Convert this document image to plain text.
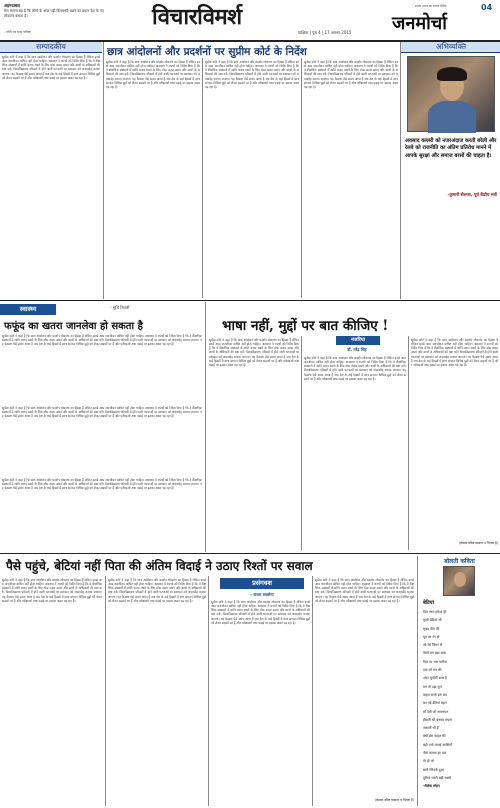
अहमदाबाद
मेरा मानना यह है कि लोगों के अंदर पड़ी दिलचस्पी रखने का प्रयत्न देश के नए लोकतंत्र बनाता है।
- गाँधी पत्र यादा पत्रिका
विचारविमर्श
पाक्षिक | पृष्ठ 4 | 17 अगस्त 2015
स्वतंत्र भारत का स्वतंत्र दैनिक
जनमोर्चा
04
सम्पादकीय
सुप्रीम कोर्ट ने कहा है कि छात्र आंदोलन और प्रदर्शन लोकतंत्र का हिस्सा हैं लेकिन इनसे आम जनजीवन बाधित नहीं होना चाहिए। अदालत ने राज्यों को निर्देश दिया है कि वे शैक्षणिक संस्थानों में शांति बनाए रखने के लिए ठोस कदम उठाएं और छात्रों के अधिकारों की रक्षा करें। विश्वविद्यालय परिसरों में होने वाली घटनाओं पर प्रशासन को जवाबदेह बनाया जाएगा। यह फैसला ऐसे समय आया है जब देश के कई हिस्सों में छात्र संगठन विभिन्न मुद्दों को लेकर सड़कों पर हैं और परीक्षाओं तथा पढ़ाई पर इसका असर पड़ रहा है।
छात्र आंदोलनों और प्रदर्शनों पर सुप्रीम कोर्ट के निर्देश
सुप्रीम कोर्ट ने कहा है कि छात्र आंदोलन और प्रदर्शन लोकतंत्र का हिस्सा हैं लेकिन इनसे आम जनजीवन बाधित नहीं होना चाहिए। अदालत ने राज्यों को निर्देश दिया है कि वे शैक्षणिक संस्थानों में शांति बनाए रखने के लिए ठोस कदम उठाएं और छात्रों के अधिकारों की रक्षा करें। विश्वविद्यालय परिसरों में होने वाली घटनाओं पर प्रशासन को जवाबदेह बनाया जाएगा। यह फैसला ऐसे समय आया है जब देश के कई हिस्सों में छात्र संगठन विभिन्न मुद्दों को लेकर सड़कों पर हैं और परीक्षाओं तथा पढ़ाई पर इसका असर पड़ रहा है।
सुप्रीम कोर्ट ने कहा है कि छात्र आंदोलन और प्रदर्शन लोकतंत्र का हिस्सा हैं लेकिन इनसे आम जनजीवन बाधित नहीं होना चाहिए। अदालत ने राज्यों को निर्देश दिया है कि वे शैक्षणिक संस्थानों में शांति बनाए रखने के लिए ठोस कदम उठाएं और छात्रों के अधिकारों की रक्षा करें। विश्वविद्यालय परिसरों में होने वाली घटनाओं पर प्रशासन को जवाबदेह बनाया जाएगा। यह फैसला ऐसे समय आया है जब देश के कई हिस्सों में छात्र संगठन विभिन्न मुद्दों को लेकर सड़कों पर हैं और परीक्षाओं तथा पढ़ाई पर इसका असर पड़ रहा है।
सुप्रीम कोर्ट ने कहा है कि छात्र आंदोलन और प्रदर्शन लोकतंत्र का हिस्सा हैं लेकिन इनसे आम जनजीवन बाधित नहीं होना चाहिए। अदालत ने राज्यों को निर्देश दिया है कि वे शैक्षणिक संस्थानों में शांति बनाए रखने के लिए ठोस कदम उठाएं और छात्रों के अधिकारों की रक्षा करें। विश्वविद्यालय परिसरों में होने वाली घटनाओं पर प्रशासन को जवाबदेह बनाया जाएगा। यह फैसला ऐसे समय आया है जब देश के कई हिस्सों में छात्र संगठन विभिन्न मुद्दों को लेकर सड़कों पर हैं और परीक्षाओं तथा पढ़ाई पर इसका असर पड़ रहा है।
अभिव्यक्ति
अवसाद वल्लरी को नजरअंदाज करती बरेली और रेलवे को राजनीति का अंतिम प्रतिरोध मानने में आपके सुरक्षा और समाज बरसों की चाहता है।
-कुमारी सैलजा, पूर्व केंद्रीय मंत्री
स्वास्थ्य	- सुधि तिवारी
फफूंद का खतरा जानलेवा हो सकता है
सुप्रीम कोर्ट ने कहा है कि छात्र आंदोलन और प्रदर्शन लोकतंत्र का हिस्सा हैं लेकिन इनसे आम जनजीवन बाधित नहीं होना चाहिए। अदालत ने राज्यों को निर्देश दिया है कि वे शैक्षणिक संस्थानों में शांति बनाए रखने के लिए ठोस कदम उठाएं और छात्रों के अधिकारों की रक्षा करें। विश्वविद्यालय परिसरों में होने वाली घटनाओं पर प्रशासन को जवाबदेह बनाया जाएगा। यह फैसला ऐसे समय आया है जब देश के कई हिस्सों में छात्र संगठन विभिन्न मुद्दों को लेकर सड़कों पर हैं और परीक्षाओं तथा पढ़ाई पर इसका असर पड़ रहा है।
सुप्रीम कोर्ट ने कहा है कि छात्र आंदोलन और प्रदर्शन लोकतंत्र का हिस्सा हैं लेकिन इनसे आम जनजीवन बाधित नहीं होना चाहिए। अदालत ने राज्यों को निर्देश दिया है कि वे शैक्षणिक संस्थानों में शांति बनाए रखने के लिए ठोस कदम उठाएं और छात्रों के अधिकारों की रक्षा करें। विश्वविद्यालय परिसरों में होने वाली घटनाओं पर प्रशासन को जवाबदेह बनाया जाएगा। यह फैसला ऐसे समय आया है जब देश के कई हिस्सों में छात्र संगठन विभिन्न मुद्दों को लेकर सड़कों पर हैं और परीक्षाओं तथा पढ़ाई पर इसका असर पड़ रहा है।
सुप्रीम कोर्ट ने कहा है कि छात्र आंदोलन और प्रदर्शन लोकतंत्र का हिस्सा हैं लेकिन इनसे आम जनजीवन बाधित नहीं होना चाहिए। अदालत ने राज्यों को निर्देश दिया है कि वे शैक्षणिक संस्थानों में शांति बनाए रखने के लिए ठोस कदम उठाएं और छात्रों के अधिकारों की रक्षा करें। विश्वविद्यालय परिसरों में होने वाली घटनाओं पर प्रशासन को जवाबदेह बनाया जाएगा। यह फैसला ऐसे समय आया है जब देश के कई हिस्सों में छात्र संगठन विभिन्न मुद्दों को लेकर सड़कों पर हैं और परीक्षाओं तथा पढ़ाई पर इसका असर पड़ रहा है।
भाषा नहीं, मुद्दों पर बात कीजिए !
सुप्रीम कोर्ट ने कहा है कि छात्र आंदोलन और प्रदर्शन लोकतंत्र का हिस्सा हैं लेकिन इनसे आम जनजीवन बाधित नहीं होना चाहिए। अदालत ने राज्यों को निर्देश दिया है कि वे शैक्षणिक संस्थानों में शांति बनाए रखने के लिए ठोस कदम उठाएं और छात्रों के अधिकारों की रक्षा करें। विश्वविद्यालय परिसरों में होने वाली घटनाओं पर प्रशासन को जवाबदेह बनाया जाएगा। यह फैसला ऐसे समय आया है जब देश के कई हिस्सों में छात्र संगठन विभिन्न मुद्दों को लेकर सड़कों पर हैं और परीक्षाओं तथा पढ़ाई पर इसका असर पड़ रहा है।
नजरिया
डॉ. नरेंद्र सिंह
सुप्रीम कोर्ट ने कहा है कि छात्र आंदोलन और प्रदर्शन लोकतंत्र का हिस्सा हैं लेकिन इनसे आम जनजीवन बाधित नहीं होना चाहिए। अदालत ने राज्यों को निर्देश दिया है कि वे शैक्षणिक संस्थानों में शांति बनाए रखने के लिए ठोस कदम उठाएं और छात्रों के अधिकारों की रक्षा करें। विश्वविद्यालय परिसरों में होने वाली घटनाओं पर प्रशासन को जवाबदेह बनाया जाएगा। यह फैसला ऐसे समय आया है जब देश के कई हिस्सों में छात्र संगठन विभिन्न मुद्दों को लेकर सड़कों पर हैं और परीक्षाओं तथा पढ़ाई पर इसका असर पड़ रहा है।
सुप्रीम कोर्ट ने कहा है कि छात्र आंदोलन और प्रदर्शन लोकतंत्र का हिस्सा हैं लेकिन इनसे आम जनजीवन बाधित नहीं होना चाहिए। अदालत ने राज्यों को निर्देश दिया है कि वे शैक्षणिक संस्थानों में शांति बनाए रखने के लिए ठोस कदम उठाएं और छात्रों के अधिकारों की रक्षा करें। विश्वविद्यालय परिसरों में होने वाली घटनाओं पर प्रशासन को जवाबदेह बनाया जाएगा। यह फैसला ऐसे समय आया है जब देश के कई हिस्सों में छात्र संगठन विभिन्न मुद्दों को लेकर सड़कों पर हैं और परीक्षाओं तथा पढ़ाई पर इसका असर पड़ रहा है।
(लेखक वरिष्ठ पत्रकार व चिंतक हैं)
पैसे पहुंचे, बेटियां नहीं पिता की अंतिम विदाई ने उठाए रिश्तों पर सवाल
सुप्रीम कोर्ट ने कहा है कि छात्र आंदोलन और प्रदर्शन लोकतंत्र का हिस्सा हैं लेकिन इनसे आम जनजीवन बाधित नहीं होना चाहिए। अदालत ने राज्यों को निर्देश दिया है कि वे शैक्षणिक संस्थानों में शांति बनाए रखने के लिए ठोस कदम उठाएं और छात्रों के अधिकारों की रक्षा करें। विश्वविद्यालय परिसरों में होने वाली घटनाओं पर प्रशासन को जवाबदेह बनाया जाएगा। यह फैसला ऐसे समय आया है जब देश के कई हिस्सों में छात्र संगठन विभिन्न मुद्दों को लेकर सड़कों पर हैं और परीक्षाओं तथा पढ़ाई पर इसका असर पड़ रहा है।
सुप्रीम कोर्ट ने कहा है कि छात्र आंदोलन और प्रदर्शन लोकतंत्र का हिस्सा हैं लेकिन इनसे आम जनजीवन बाधित नहीं होना चाहिए। अदालत ने राज्यों को निर्देश दिया है कि वे शैक्षणिक संस्थानों में शांति बनाए रखने के लिए ठोस कदम उठाएं और छात्रों के अधिकारों की रक्षा करें। विश्वविद्यालय परिसरों में होने वाली घटनाओं पर प्रशासन को जवाबदेह बनाया जाएगा। यह फैसला ऐसे समय आया है जब देश के कई हिस्सों में छात्र संगठन विभिन्न मुद्दों को लेकर सड़कों पर हैं और परीक्षाओं तथा पढ़ाई पर इसका असर पड़ रहा है।
प्रसंगवश
- सरला सक्सेना
सुप्रीम कोर्ट ने कहा है कि छात्र आंदोलन और प्रदर्शन लोकतंत्र का हिस्सा हैं लेकिन इनसे आम जनजीवन बाधित नहीं होना चाहिए। अदालत ने राज्यों को निर्देश दिया है कि वे शैक्षणिक संस्थानों में शांति बनाए रखने के लिए ठोस कदम उठाएं और छात्रों के अधिकारों की रक्षा करें। विश्वविद्यालय परिसरों में होने वाली घटनाओं पर प्रशासन को जवाबदेह बनाया जाएगा। यह फैसला ऐसे समय आया है जब देश के कई हिस्सों में छात्र संगठन विभिन्न मुद्दों को लेकर सड़कों पर हैं और परीक्षाओं तथा पढ़ाई पर इसका असर पड़ रहा है।
सुप्रीम कोर्ट ने कहा है कि छात्र आंदोलन और प्रदर्शन लोकतंत्र का हिस्सा हैं लेकिन इनसे आम जनजीवन बाधित नहीं होना चाहिए। अदालत ने राज्यों को निर्देश दिया है कि वे शैक्षणिक संस्थानों में शांति बनाए रखने के लिए ठोस कदम उठाएं और छात्रों के अधिकारों की रक्षा करें। विश्वविद्यालय परिसरों में होने वाली घटनाओं पर प्रशासन को जवाबदेह बनाया जाएगा। यह फैसला ऐसे समय आया है जब देश के कई हिस्सों में छात्र संगठन विभिन्न मुद्दों को लेकर सड़कों पर हैं और परीक्षाओं तथा पढ़ाई पर इसका असर पड़ रहा है।
(लेखक वरिष्ठ पत्रकार व चिंतक हैं)
बोलती कविता
बेटियां
दिल नरम हमेशा ही
फूलों बेटियां सी
सुबह गीत की
धूप सा रंग हो
जो मेरे जिगर से
नेमतें बन बढ़ा सारा
दिल पर भरा पसीना
एक जो मन की
अंदर चुनौती शाम है
मन तो उड़ा पूरा
चाहत सजी इस बार
बन गई बेटियां बहन
माँ देती जो अपनापन
हँसाती भी बनकर सपना
ज़रूरतें भी हैं
बंधी डोर चाहत की
बड़ी ज्यों लगाई आशियाँ
जैसे जलता हर पल
वो हो जो
सारी जिंदगी दुआ
दुनिया प्यारी बड़ी सबसे
-शैलेन्द्र मोहन
